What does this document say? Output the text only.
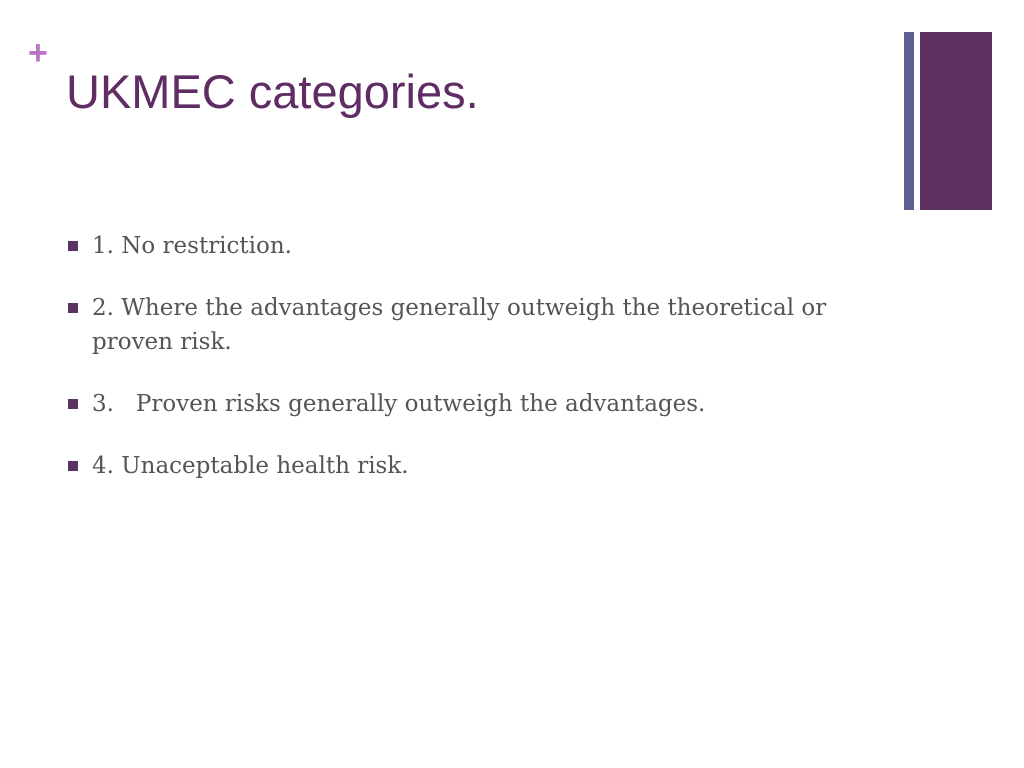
+
UKMEC categories.
1. No restriction.
2. Where the advantages generally outweigh the theoretical or proven risk.
3.   Proven risks generally outweigh the advantages.
4. Unaceptable health risk.
